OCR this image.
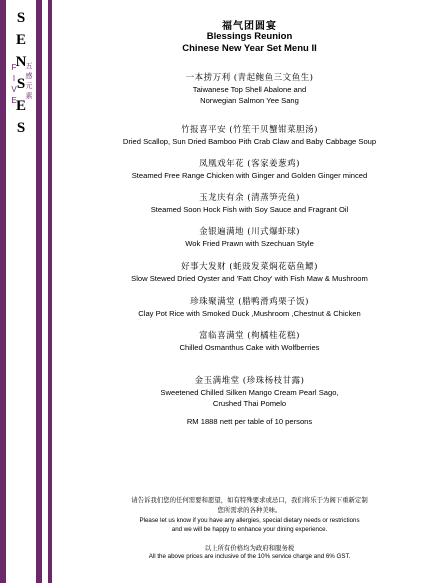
S
E
N
S
E
S
F
I
V
E
五
感
元
素
福气团圆宴
Blessings Reunion
Chinese New Year Set Menu II
一本捞万利 (青起鲍鱼三文鱼生)
Taiwanese Top Shell Abalone and
Norwegian Salmon Yee Sang
竹报喜平安 (竹笙干贝蟹钳菜胆汤)
Dried Scallop, Sun Dried Bamboo Pith Crab Claw and Baby Cabbage Soup
凤凰戏年花 (客家姜葱鸡)
Steamed Free Range Chicken with Ginger and Golden Ginger minced
玉龙庆有余 (清蒸笋壳鱼)
Steamed Soon Hock Fish with Soy Sauce and Fragrant Oil
金银遍满地 (川式爆虾球)
Wok Fried Prawn with Szechuan Style
好事大发财 (蚝豉发菜焖花菇鱼鳔)
Slow Stewed Dried Oyster and 'Fatt Choy' with Fish Maw & Mushroom
珍珠聚满堂 (腊鸭滑鸡栗子饭)
Clay Pot Rice with Smoked Duck ,Mushroom ,Chestnut & Chicken
富临喜满堂 (枸橘桂花糕)
Chilled Osmanthus Cake with Wolfberries
金玉满堆堂 (珍珠杨枝甘露)
Sweetened Chilled Silken Mango Cream Pearl Sago,
Crushed Thai Pomelo
RM 1888 nett per table of 10 persons
请告诉我们您的任何需要和愿望，如有特殊要求或忌口，我们将乐于为阁下重新定制
您所需求的各种美味。
Please let us know if you have any allergies, special dietary needs or restrictions
and we will be happy to enhance your dining experience.
以上所有价格均为政府和服务税
All the above prices are inclusive of the 10% service charge and 6% GST.
